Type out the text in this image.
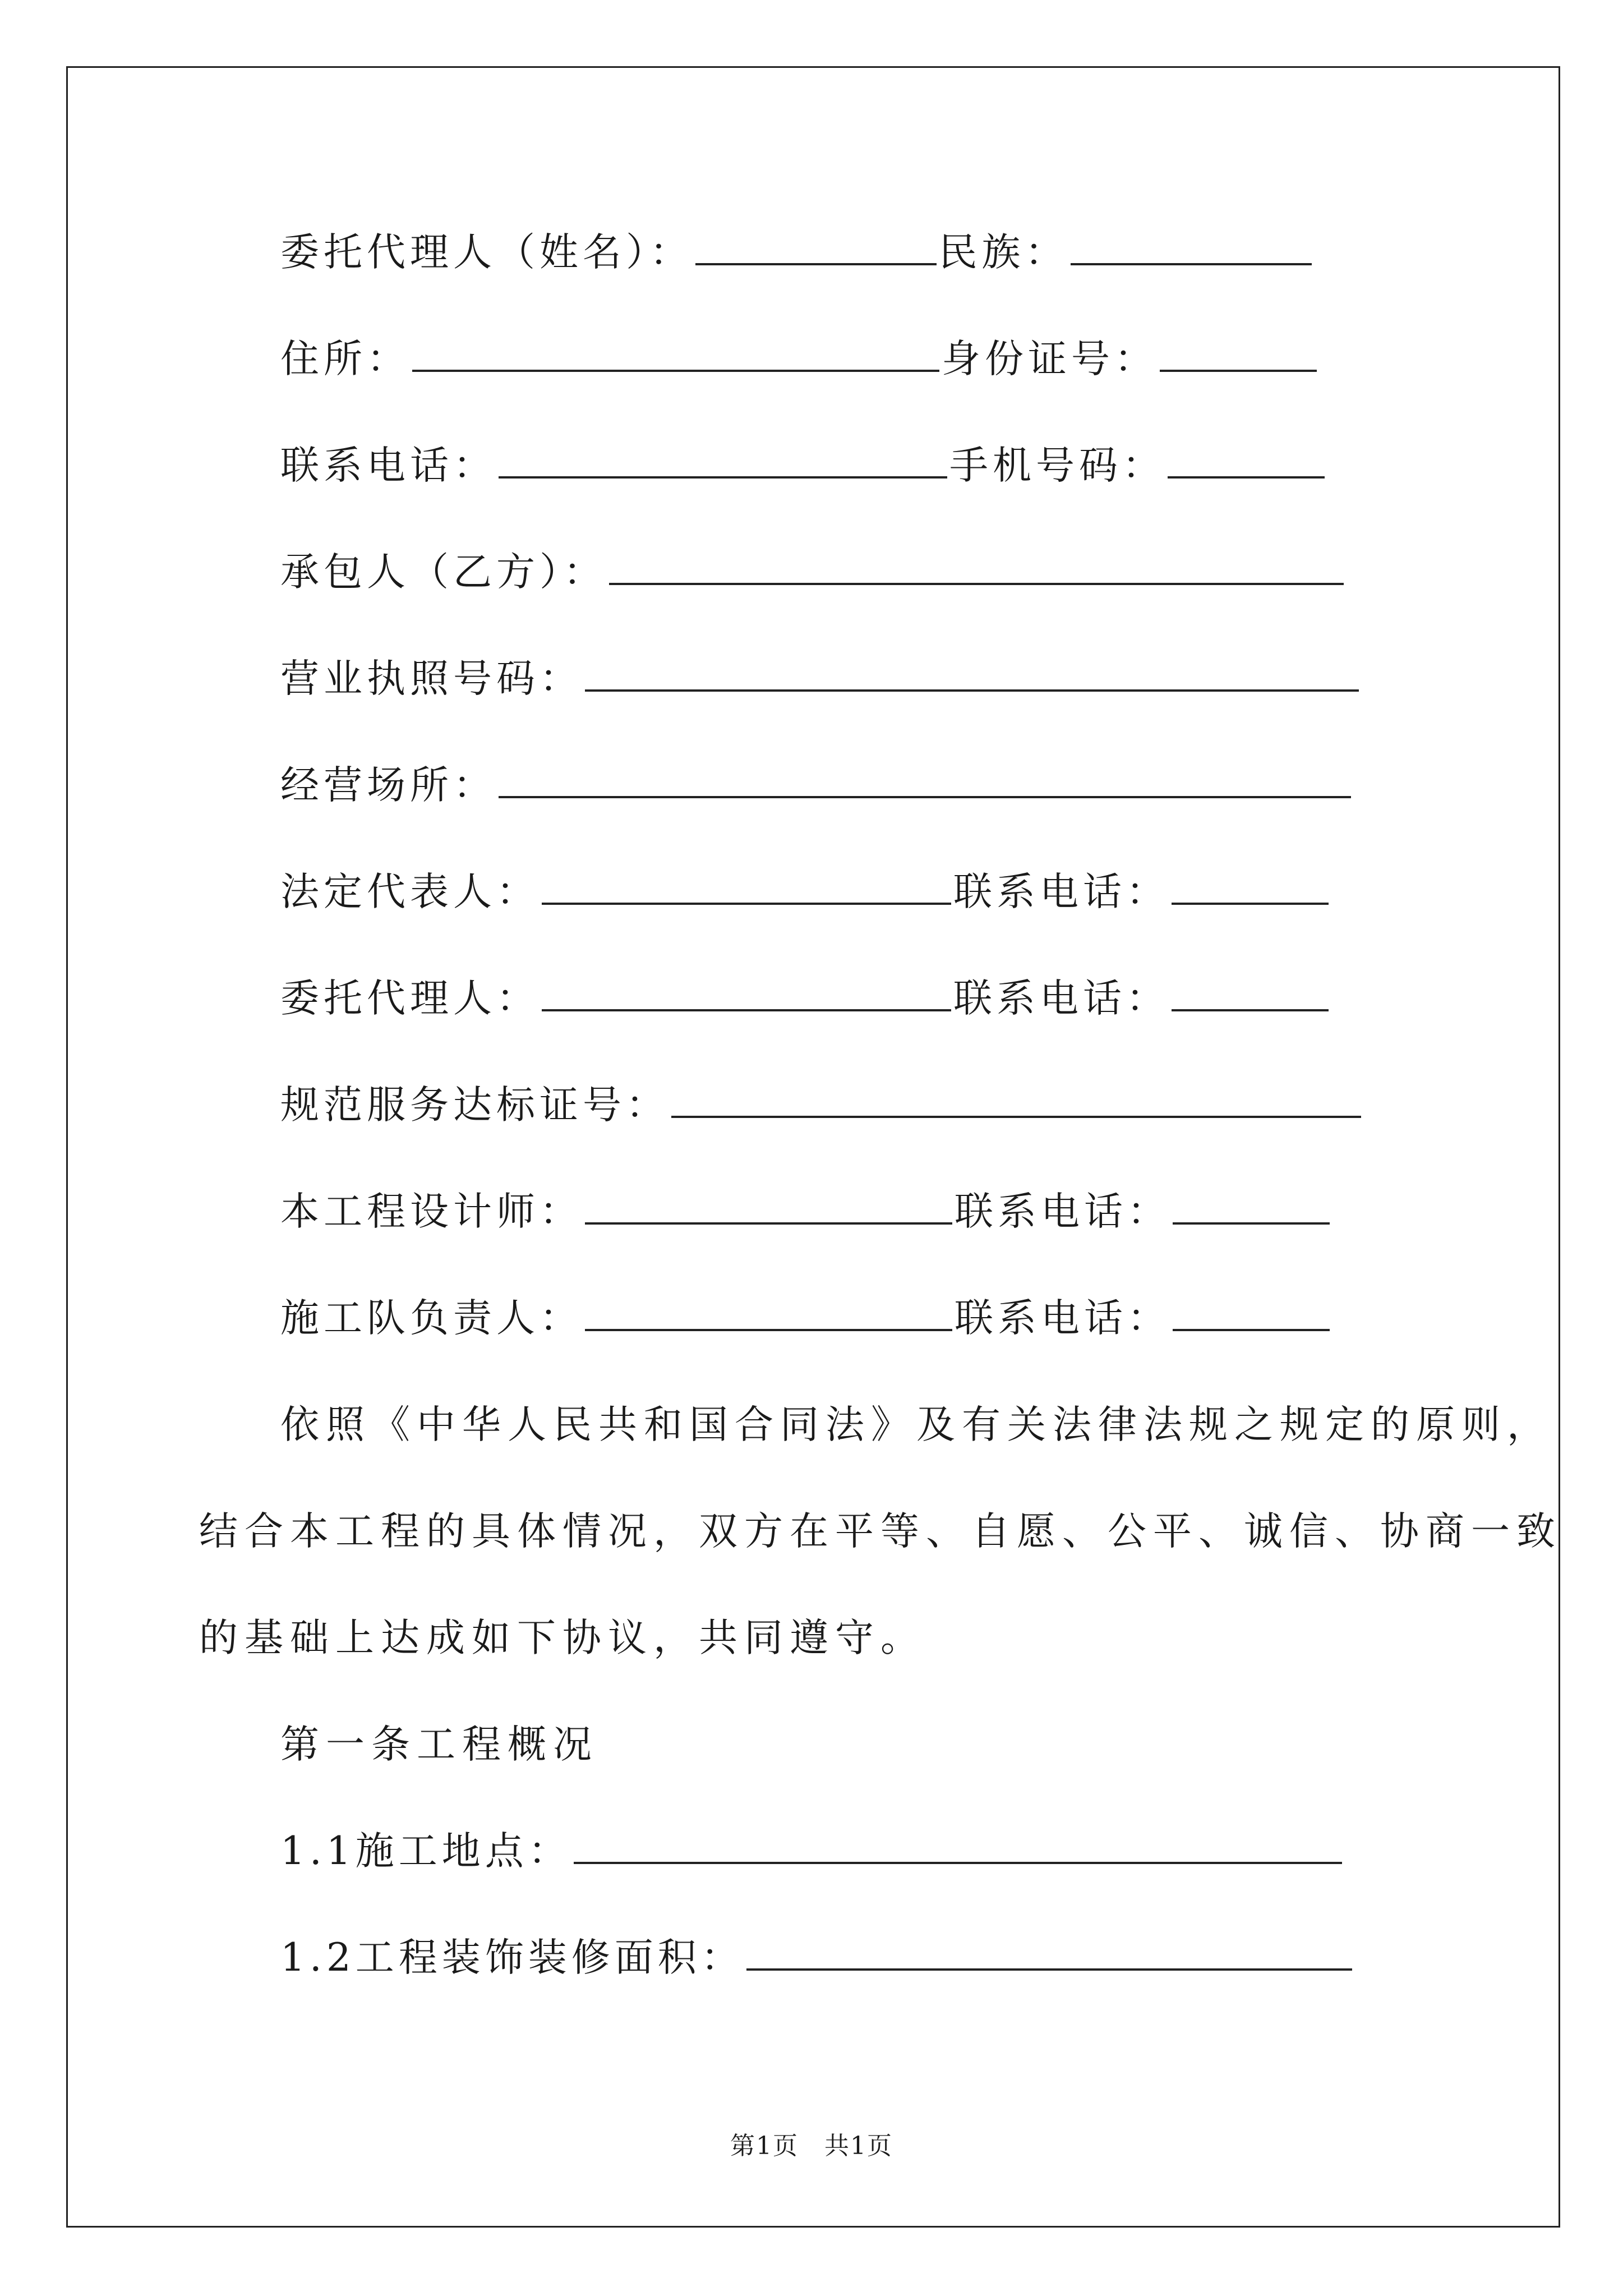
委托代理人（姓名）：	民族：
住所：	身份证号：
联系电话：	手机号码：
承包人（乙方）：
营业执照号码：
经营场所：
法定代表人：	联系电话：
委托代理人：	联系电话：
规范服务达标证号：
本工程设计师：	联系电话：
施工队负责人：	联系电话：
依照《中华人民共和国合同法》及有关法律法规之规定的原则，
结合本工程的具体情况，双方在平等、自愿、公平、诚信、协商一致
的基础上达成如下协议，共同遵守。
第一条工程概况
1.1施工地点：
1.2工程装饰装修面积：
第1页　共1页
